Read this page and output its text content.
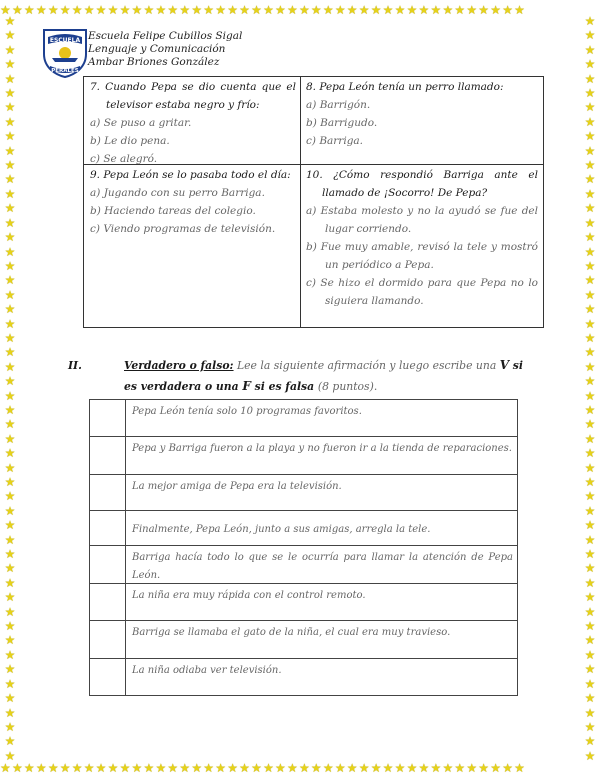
★★★★★★★★★★★★★★★★★★★★★★★★★★★★★★★★★★★★★★★★★★★★
★★★★★★★★★★★★★★★★★★★★★★★★★★★★★★★★★★★★★★★★★★★★
★
★
★
★
★
★
★
★
★
★
★
★
★
★
★
★
★
★
★
★
★
★
★
★
★
★
★
★
★
★
★
★
★
★
★
★
★
★
★
★
★
★
★
★
★
★
★
★
★
★
★
★
★
★
★
★
★
★
★
★
★
★
★
★
★
★
★
★
★
★
★
★
★
★
★
★
★
★
★
★
★
★
★
★
★
★
★
★
★
★
★
★
★
★
★
★
★
★
★
★
★
★
★
★
ESCUELA
PERALES
Escuela Felipe Cubillos Sigal
Lenguaje y Comunicación
Ambar Briones González
7. Cuando Pepa se dio cuenta que el televisor estaba negro y frío:
a) Se puso a gritar.
b) Le dio pena.
c) Se alegró.
8. Pepa León tenía un perro llamado:
a) Barrigón.
b) Barrigudo.
c) Barriga.
9. Pepa León se lo pasaba todo el día:
a) Jugando con su perro Barriga.
b) Haciendo tareas del colegio.
c) Viendo programas de televisión.
10. ¿Cómo respondió Barriga ante el llamado de ¡Socorro! De Pepa?
a) Estaba molesto y no la ayudó se fue del lugar corriendo.
b) Fue muy amable, revisó la tele y mostró un periódico a Pepa.
c) Se hizo el dormido para que Pepa no lo siguiera llamando.
II.	Verdadero o falso: Lee la siguiente afirmación y luego escribe una V si es verdadera o una F si es falsa (8 puntos).
Pepa León tenía solo 10 programas favoritos.
Pepa y Barriga fueron a la playa y no fueron ir a la tienda de reparaciones.
La mejor amiga de Pepa era la televisión.
Finalmente, Pepa León, junto a sus amigas, arregla la tele.
Barriga hacía todo lo que se le ocurría para llamar la atención de Pepa León.
La niña era muy rápida con el control remoto.
Barriga se llamaba el gato de la niña, el cual era muy travieso.
La niña odiaba ver televisión.
